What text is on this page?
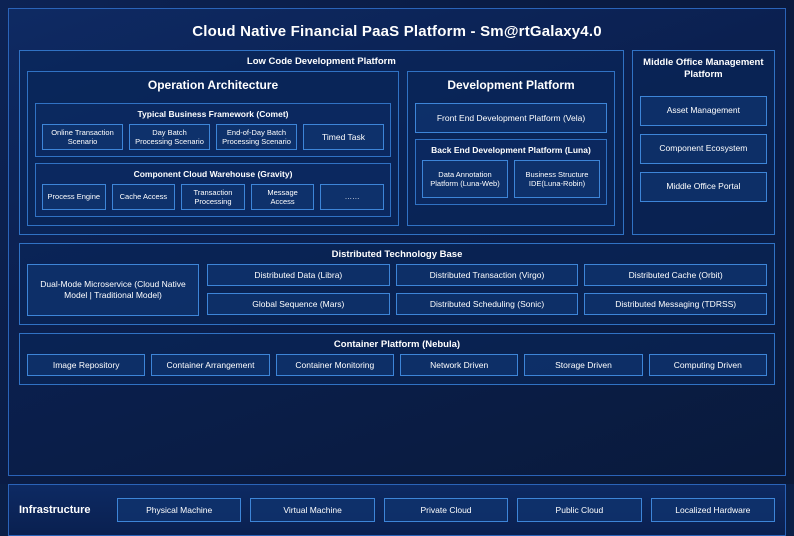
Cloud Native Financial PaaS Platform - Sm@rtGalaxy4.0
Low Code Development Platform
Operation Architecture
Typical Business Framework (Comet)
Online Transaction Scenario
Day Batch Processing Scenario
End-of-Day Batch Processing Scenario	Timed Task
Component Cloud Warehouse (Gravity)
Process Engine	Cache Access
Transaction Processing
Message Access
……
Development Platform
Front End Development Platform (Vela)
Back End Development Platform (Luna)
Data Annotation Platform (Luna-Web)
Business Structure IDE(Luna-Robin)
Middle Office Management Platform
Asset Management
Component Ecosystem
Middle Office Portal
Distributed Technology Base
Dual-Mode Microservice (Cloud Native Model | Traditional Model)
Distributed Data (Libra)	Distributed Transaction (Virgo)	Distributed Cache (Orbit)
Global Sequence (Mars)	Distributed Scheduling (Sonic)	Distributed Messaging (TDRSS)
Container Platform (Nebula)
Image Repository	Container Arrangement	Container Monitoring	Network Driven	Storage Driven	Computing Driven
Infrastructure	Physical Machine	Virtual Machine	Private Cloud	Public Cloud	Localized Hardware
